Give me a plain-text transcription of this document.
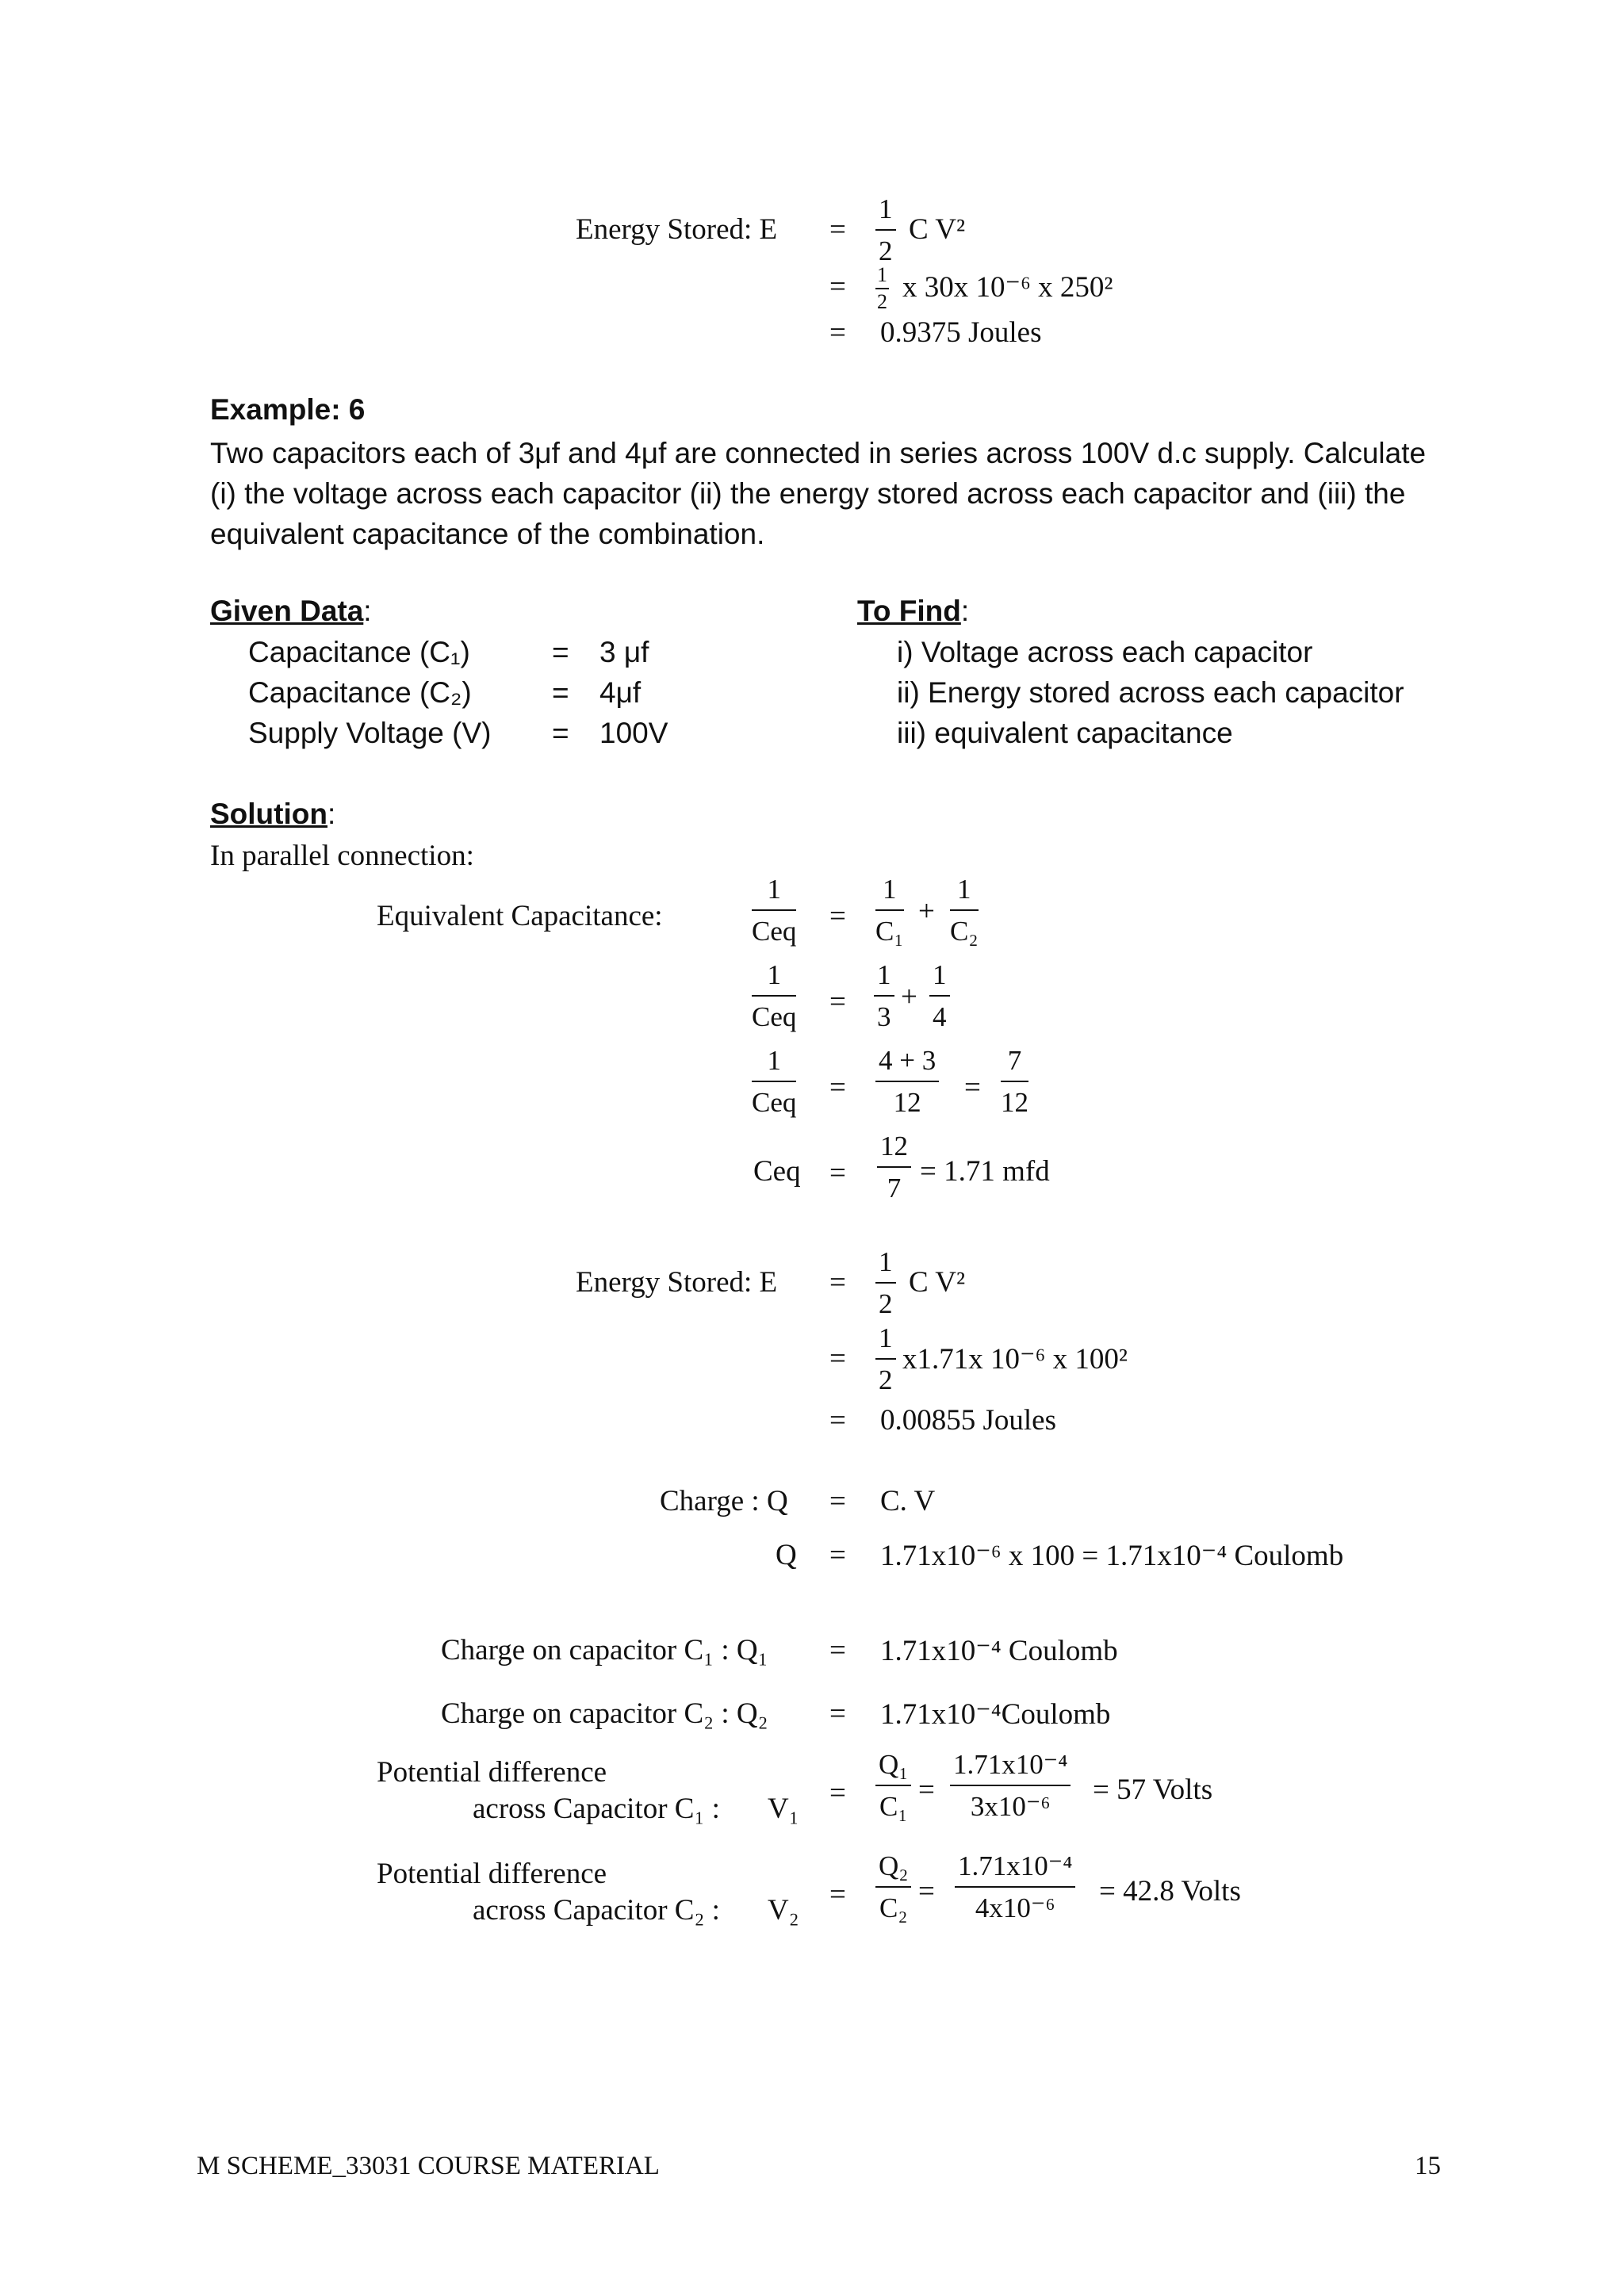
Energy Stored: $E = \frac{1}{2}$ C V²
= $\frac{1}{2}$ x 30x 10⁻⁶ x 250²
= 0.9375 Joules
Example: 6
Two capacitors each of 3μf and 4μf are connected in series across 100V d.c supply. Calculate (i) the voltage across each capacitor (ii) the energy stored across each capacitor and (iii) the equivalent capacitance of the combination.
Given Data:
Capacitance (C₁)	= 3 μf
Capacitance (C₂)	= 4μf
Supply Voltage (V) = 100V
To Find:
i) Voltage across each capacitor
ii) Energy stored across each capacitor
iii) equivalent capacitance
Solution:
In parallel connection:
Equivalent Capacitance:
1
Ceq = $\frac{1}{\text{C₁}} + \frac{1}{\text{C₂}}$
1
Ceq = $\frac{1}{3} + \frac{1}{4}$
1
Ceq = $\frac{4 + 3}{12} = \frac{7}{12}$
Ceq = $\frac{12}{7} = 1.71$ mfd
Energy Stored: $E = \frac{1}{2}$ C V²
= $\frac{1}{2} x1.71x$ 10⁻⁶ x 100²
= 0.00855 Joules
Charge : Q = C. V
Q = 1.71x10⁻⁶ x 100 = 1.71x10⁻⁴ Coulomb
Charge on capacitor C₁ : Q₁ = 1.71x10⁻⁴ Coulomb
Charge on capacitor C₂ : Q₂ = 1.71x10⁻⁴Coulomb
Potential difference
across Capacitor C₁ : $V_1 = \frac{\text{Q₁}}{\text{C₁}} = \frac{\text{1.71x10⁻⁴}}{\text{3x10⁻⁶}} = 57$ Volts
Potential difference
across Capacitor C₂ : $V_2 = \frac{\text{Q₂}}{\text{C₂}} = \frac{\text{1.71x10⁻⁴}}{\text{4x10⁻⁶}} = 42.8$ Volts
M SCHEME_33031 COURSE MATERIAL	15
